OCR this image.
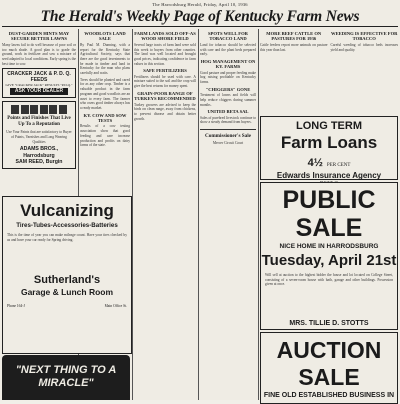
The Harrodsburg Herald, Friday, April 10, 1936
The Herald's Weekly Page of Kentucky Farm News
DUST-GARDEN HINTS MAY SECURE BETTER LAWNS
Many lawns fail to do well because of poor soil or too much shade. A good plan is to grade the ground, work in fertilizer and sow a mixture of seed adapted to local conditions. Early spring is the best time to sow.
CRACKER JACK & P. D. Q. FEEDS
GIVE "CRACKER JACK" RESULTS "P.D.Q."
ASK YOUR DEALER
Points and Finishes That Live Up To a Reputation
Use Your Paints that are satisfactory to Buyer of Paints, Varnishes and Long Wearing Qualities
ADAMS BROS., Harrodsburg
SAM REED, Burgin
Vulcanizing
Tires-Tubes-Accessories-Batteries
This is the time of year you can make mileage count. Have your tires checked by us and have your car ready for Spring driving.
Sutherland's
Garage & Lunch Room
Phone 164-J	Main Office St.
"NEXT THING TO A MIRACLE"
WOODLOTS LAND SALE
By Paul M. Dunning, with a report for the Kentucky State Agricultural Society, says that there are the good investments to be made in timber and land in Kentucky for the man who plans carefully and waits.
Trees should be planted and cared for as any other crop. Timber is a valuable product in the farm program and good woodlots are an asset to every farm. The farmer who owns good timber always has a ready market.
KY. COW AND SOW TESTS
Results of a cow testing association show that good feeding and care increase production and profits on dairy farms of the state.
FARM LANDS SOLD OFF-AS WOOD SHORE FIELD
Several large tracts of farm land were sold this week to buyers from other counties. The land was well located and brought good prices, indicating confidence in farm values in this section.
SAFE FERTILIZERS
Fertilizers should be used with care. A mixture suited to the soil and the crop will give the best returns for money spent.
GRAIN-POOR RANGE OF TURKEYS RECOMMENDED
Turkey growers are advised to keep the birds on clean range, away from chickens, to prevent disease and obtain better growth.
SPOTS WELL FOR TOBACCO LAND
Land for tobacco should be selected with care and the plant beds prepared early.
HOG MANAGEMENT ON KY. FARMS
Good pasture and proper feeding make hog raising profitable on Kentucky farms.
"CHIGGERS" GONE
Treatment of lawns and fields will help reduce chiggers during summer months.
UNITED BETA SAL
Sales of purebred livestock continue to show a steady demand from buyers.
Commissioner's Sale
Mercer Circuit Court
MORE BEEF CATTLE ON PASTURES FOR 1936
Cattle feeders report more animals on pasture this year than last.
WEEDING IS EFFECTIVE FOR TOBACCO
Careful weeding of tobacco beds increases yield and quality.
LONG TERM
Farm Loans
4½ PER CENT
Edwards Insurance Agency
PUBLIC SALE
NICE HOME IN HARRODSBURG
Tuesday, April 21st
Will sell at auction to the highest bidder the house and lot located on College Street, consisting of a seven-room house with bath, garage and other buildings. Possession given at once.
MRS. TILLIE D. STOTTS
AUCTION SALE
FINE OLD ESTABLISHED BUSINESS IN
